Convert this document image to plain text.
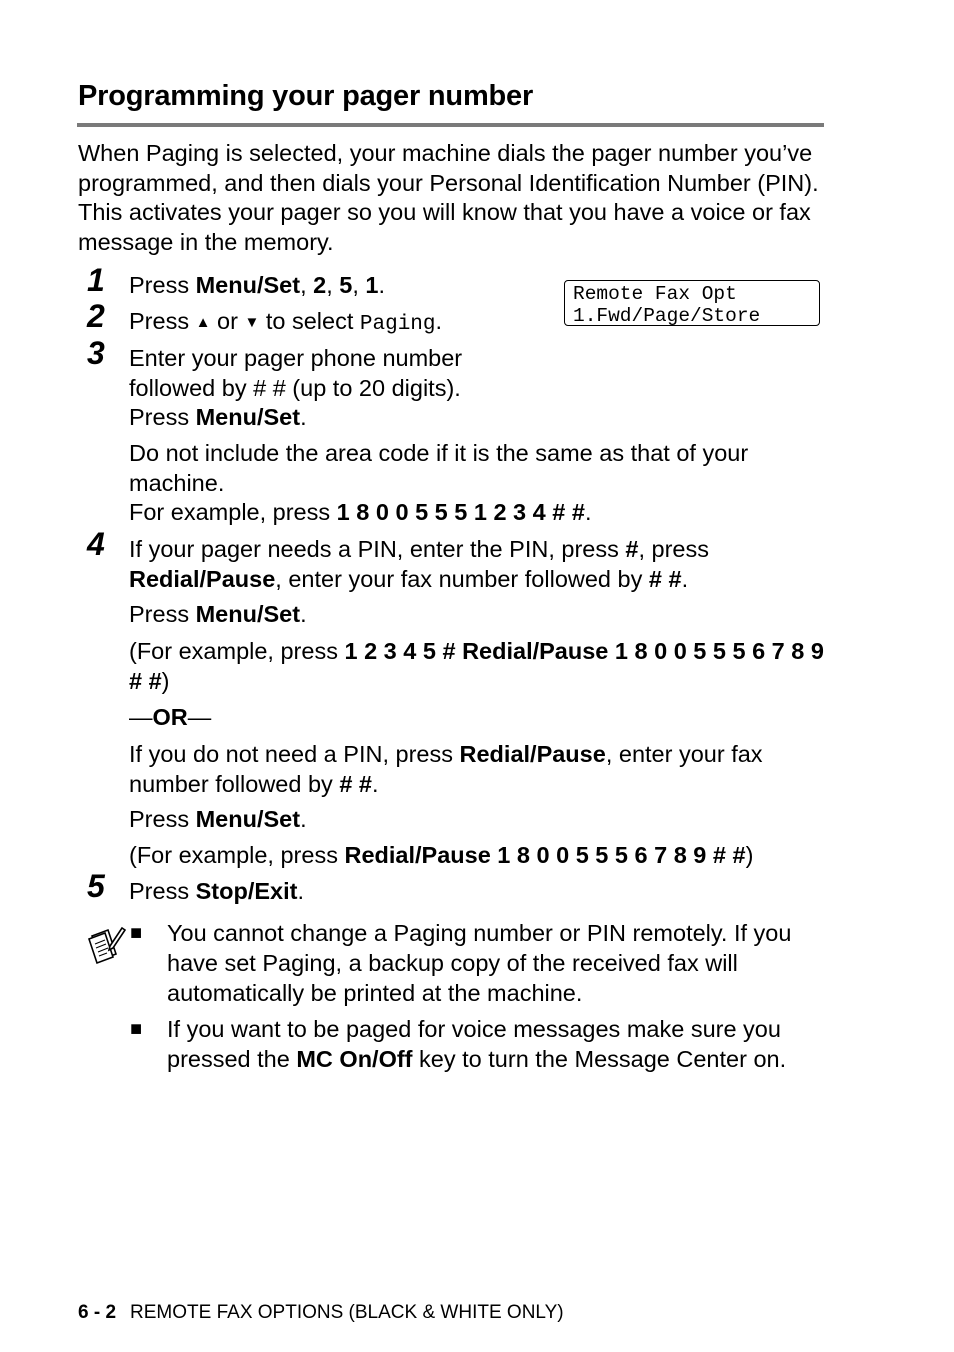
Programming your pager number

When Paging is selected, your machine dials the pager number you’ve programmed, and then dials your Personal Identification Number (PIN). This activates your pager so you will know that you have a voice or fax message in the memory.

Remote Fax Opt
1.Fwd/Page/Store
1 Press Menu/Set, 2, 5, 1.

2 Press ▲ or ▼ to select Paging.

3 Enter your pager phone number
followed by # # (up to 20 digits).
Press Menu/Set.

Do not include the area code if it is the same as that of your machine.
For example, press 1 8 0 0 5 5 5 1 2 3 4 # #.

4 If your pager needs a PIN, enter the PIN, press #, press
Redial/Pause, enter your fax number followed by # #.

Press Menu/Set.

(For example, press 1 2 3 4 5 # Redial/Pause 1 8 0 0 5 5 5 6 7 8 9 # #)

—OR—

If you do not need a PIN, press Redial/Pause, enter your fax number followed by # #.

Press Menu/Set.

(For example, press Redial/Pause 1 8 0 0 5 5 5 6 7 8 9 # #)

5 Press Stop/Exit.

■ You cannot change a Paging number or PIN remotely. If you have set Paging, a backup copy of the received fax will automatically be printed at the machine.

■ If you want to be paged for voice messages make sure you pressed the MC On/Off key to turn the Message Center on.

6 - 2 REMOTE FAX OPTIONS (BLACK & WHITE ONLY)
